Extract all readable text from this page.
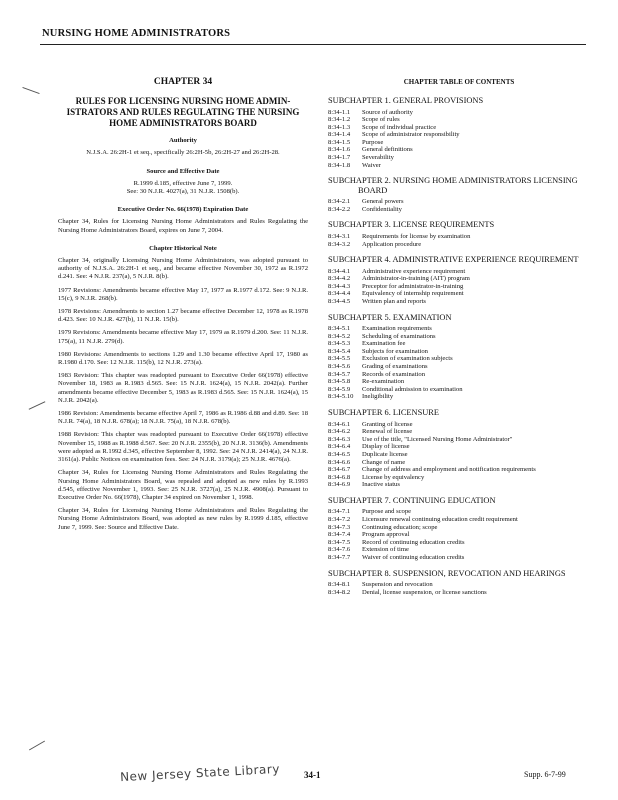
NURSING HOME ADMINISTRATORS
CHAPTER 34
RULES FOR LICENSING NURSING HOME ADMIN-ISTRATORS AND RULES REGULATING THE NURSING HOME ADMINISTRATORS BOARD
Authority
N.J.S.A. 26:2H-1 et seq., specifically 26:2H-5b, 26:2H-27 and 26:2H-28.
Source and Effective Date
R.1999 d.185, effective June 7, 1999.
See: 30 N.J.R. 4027(a), 31 N.J.R. 1508(b).
Executive Order No. 66(1978) Expiration Date
Chapter 34, Rules for Licensing Nursing Home Administrators and Rules Regulating the Nursing Home Administrators Board, expires on June 7, 2004.
Chapter Historical Note
Chapter 34, originally Licensing Nursing Home Administrators, was adopted pursuant to authority of N.J.S.A. 26:2H-1 et seq., and became effective November 30, 1972 as R.1972 d.241. See: 4 N.J.R. 237(a), 5 N.J.R. 8(b).
1977 Revisions: Amendments became effective May 17, 1977 as R.1977 d.172. See: 9 N.J.R. 15(c), 9 N.J.R. 268(b).
1978 Revisions: Amendments to section 1.27 became effective December 12, 1978 as R.1978 d.423. See: 10 N.J.R. 427(b), 11 N.J.R. 15(b).
1979 Revisions: Amendments became effective May 17, 1979 as R.1979 d.200. See: 11 N.J.R. 175(a), 11 N.J.R. 279(d).
1980 Revisions: Amendments to sections 1.29 and 1.30 became effective April 17, 1980 as R.1980 d.170. See: 12 N.J.R. 115(b), 12 N.J.R. 273(a).
1983 Revision: This chapter was readopted pursuant to Executive Order 66(1978) effective November 18, 1983 as R.1983 d.565. See: 15 N.J.R. 1624(a), 15 N.J.R. 2042(a). Further amendments became effective December 5, 1983 as R.1983 d.565. See: 15 N.J.R. 1624(a), 15 N.J.R. 2042(a).
1986 Revision: Amendments became effective April 7, 1986 as R.1986 d.88 and d.89. See: 18 N.J.R. 74(a), 18 N.J.R. 678(a); 18 N.J.R. 75(a), 18 N.J.R. 678(b).
1988 Revision: This chapter was readopted pursuant to Executive Order 66(1978) effective November 15, 1988 as R.1988 d.567. See: 20 N.J.R. 2355(b), 20 N.J.R. 3136(b). Amendments were adopted as R.1992 d.345, effective September 8, 1992. See: 24 N.J.R. 2414(a), 24 N.J.R. 3161(a). Public Notices on examination fees. See: 24 N.J.R. 3179(a); 25 N.J.R. 4676(a).
Chapter 34, Rules for Licensing Nursing Home Administrators and Rules Regulating the Nursing Home Administrators Board, was repealed and adopted as new rules by R.1993 d.545, effective November 1, 1993. See: 25 N.J.R. 3727(a), 25 N.J.R. 4908(a). Pursuant to Executive Order No. 66(1978), Chapter 34 expired on November 1, 1998.
Chapter 34, Rules for Licensing Nursing Home Administrators and Rules Regulating the Nursing Home Administrators Board, was adopted as new rules by R.1999 d.185, effective June 7, 1999. See: Source and Effective Date.
CHAPTER TABLE OF CONTENTS
SUBCHAPTER 1. GENERAL PROVISIONS
8:34-1.1	Source of authority
8:34-1.2	Scope of rules
8:34-1.3	Scope of individual practice
8:34-1.4	Scope of administrator responsibility
8:34-1.5	Purpose
8:34-1.6	General definitions
8:34-1.7	Severability
8:34-1.8	Waiver
SUBCHAPTER 2. NURSING HOME ADMINISTRATORS LICENSING BOARD
8:34-2.1	General powers
8:34-2.2	Confidentiality
SUBCHAPTER 3. LICENSE REQUIREMENTS
8:34-3.1	Requirements for license by examination
8:34-3.2	Application procedure
SUBCHAPTER 4. ADMINISTRATIVE EXPERIENCE REQUIREMENT
8:34-4.1	Administrative experience requirement
8:34-4.2	Administrator-in-training (AIT) program
8:34-4.3	Preceptor for administrator-in-training
8:34-4.4	Equivalency of internship requirement
8:34-4.5	Written plan and reports
SUBCHAPTER 5. EXAMINATION
8:34-5.1	Examination requirements
8:34-5.2	Scheduling of examinations
8:34-5.3	Examination fee
8:34-5.4	Subjects for examination
8:34-5.5	Exclusion of examination subjects
8:34-5.6	Grading of examinations
8:34-5.7	Records of examination
8:34-5.8	Re-examination
8:34-5.9	Conditional admission to examination
8:34-5.10	Ineligibility
SUBCHAPTER 6. LICENSURE
8:34-6.1	Granting of license
8:34-6.2	Renewal of license
8:34-6.3	Use of the title, "Licensed Nursing Home Administrator"
8:34-6.4	Display of license
8:34-6.5	Duplicate license
8:34-6.6	Change of name
8:34-6.7	Change of address and employment and notification requirements
8:34-6.8	License by equivalency
8:34-6.9	Inactive status
SUBCHAPTER 7. CONTINUING EDUCATION
8:34-7.1	Purpose and scope
8:34-7.2	Licensure renewal continuing education credit requirement
8:34-7.3	Continuing education; scope
8:34-7.4	Program approval
8:34-7.5	Record of continuing education credits
8:34-7.6	Extension of time
8:34-7.7	Waiver of continuing education credits
SUBCHAPTER 8. SUSPENSION, REVOCATION AND HEARINGS
8:34-8.1	Suspension and revocation
8:34-8.2	Denial, license suspension, or license sanctions
New Jersey State Library	34-1	Supp. 6-7-99
